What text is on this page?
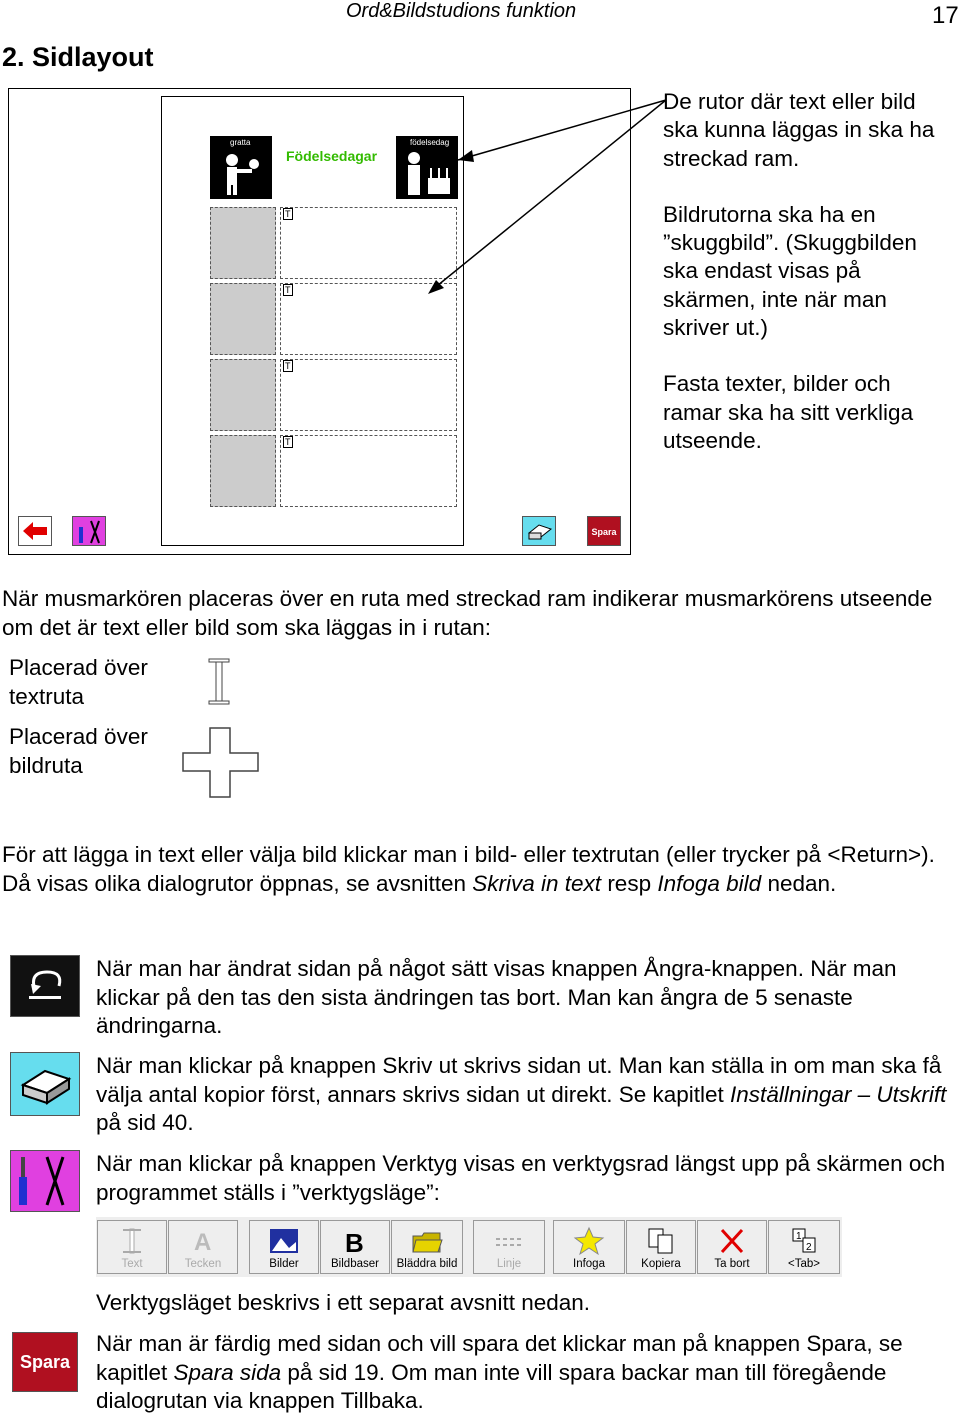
Ord&Bildstudions funktion	17
2. Sidlayout
gratta
Födelsedagar
födelsedag
T
T
T
T
Spara

De rutor där text eller bild ska kunna läggas in ska ha streckad ram.

Bildrutorna ska ha en ”skuggbild”. (Skuggbilden ska endast visas på skärmen, inte när man skriver ut.)

Fasta texter, bilder och ramar ska ha sitt verkliga utseende.

När musmarkören placeras över en ruta med streckad ram indikerar musmarkörens utseende om det är text eller bild som ska läggas in i rutan:
Placerad över textruta
Placerad över bildruta
För att lägga in text eller välja bild klickar man i bild- eller textrutan (eller trycker på <Return>). Då visas olika dialogrutor öppnas, se avsnitten Skriva in text resp Infoga bild nedan.
När man har ändrat sidan på något sätt visas knappen Ångra-knappen. När man klickar på den tas den sista ändringen tas bort. Man kan ångra de 5 senaste ändringarna.
När man klickar på knappen Skriv ut skrivs sidan ut. Man kan ställa in om man ska få välja antal kopior först, annars skrivs sidan ut direkt. Se kapitlet Inställningar – Utskrift på sid 40.
När man klickar på knappen Verktyg visas en verktygsrad längst upp på skärmen och programmet ställs i ”verktygsläge”:
Text
A
Tecken	Bilder
B
Bildbaser	Bläddra bild	Linje	Infoga	Kopiera	Ta bort
1
2
<Tab>
Verktygsläget beskrivs i ett separat avsnitt nedan.
Spara
När man är färdig med sidan och vill spara det klickar man på knappen Spara, se kapitlet Spara sida på sid 19. Om man inte vill spara backar man till föregående dialogrutan via knappen Tillbaka.
